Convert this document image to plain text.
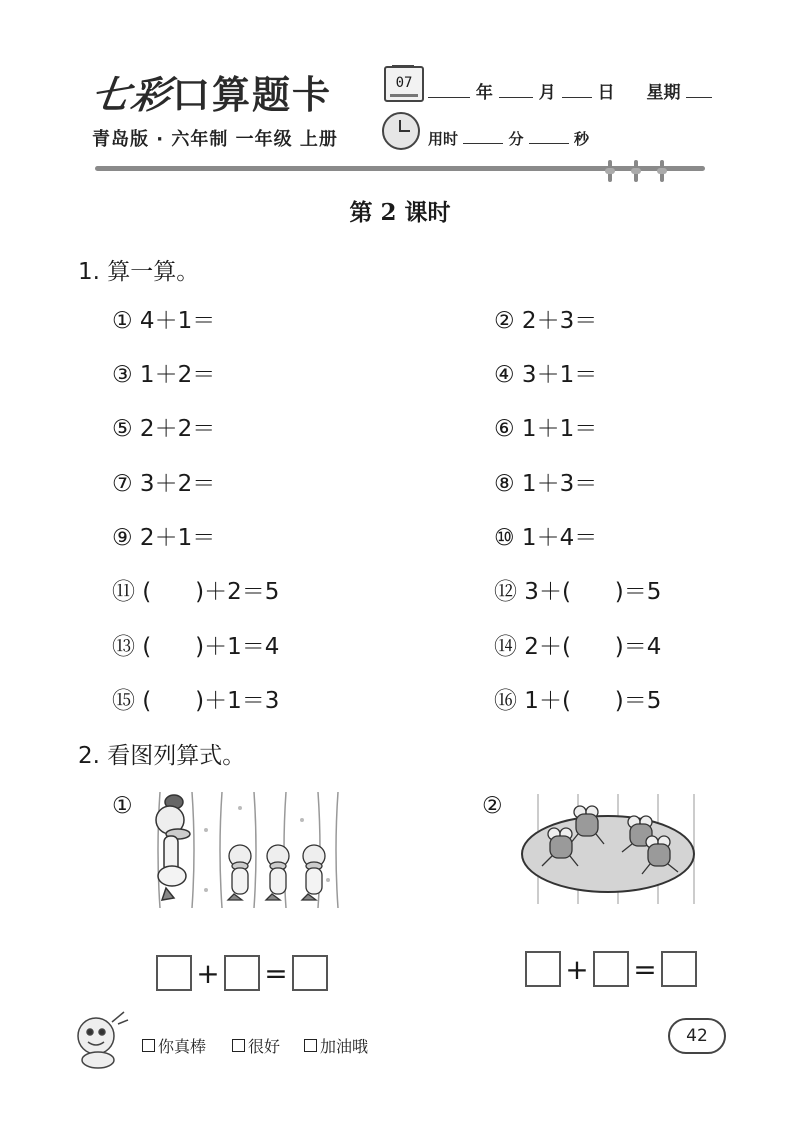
七彩口算题卡	07	年	月 日 星期
青岛版 · 六年制 一年级 上册	用时	分	秒
第 2 课时
1. 算一算。
① 4＋1＝	② 2＋3＝
③ 1＋2＝	④ 3＋1＝
⑤ 2＋2＝	⑥ 1＋1＝
⑦ 3＋2＝	⑧ 1＋3＝
⑨ 2＋1＝	⑩ 1＋4＝
⑪ (      )＋2＝5	⑫ 3＋(      )＝5
⑬ (      )＋1＝4	⑭ 2＋(      )＝4
⑮ (      )＋1＝3	⑯ 1＋(      )＝5
2. 看图列算式。
①	②
+ =	+ =
你真棒	很好 加油哦
42
